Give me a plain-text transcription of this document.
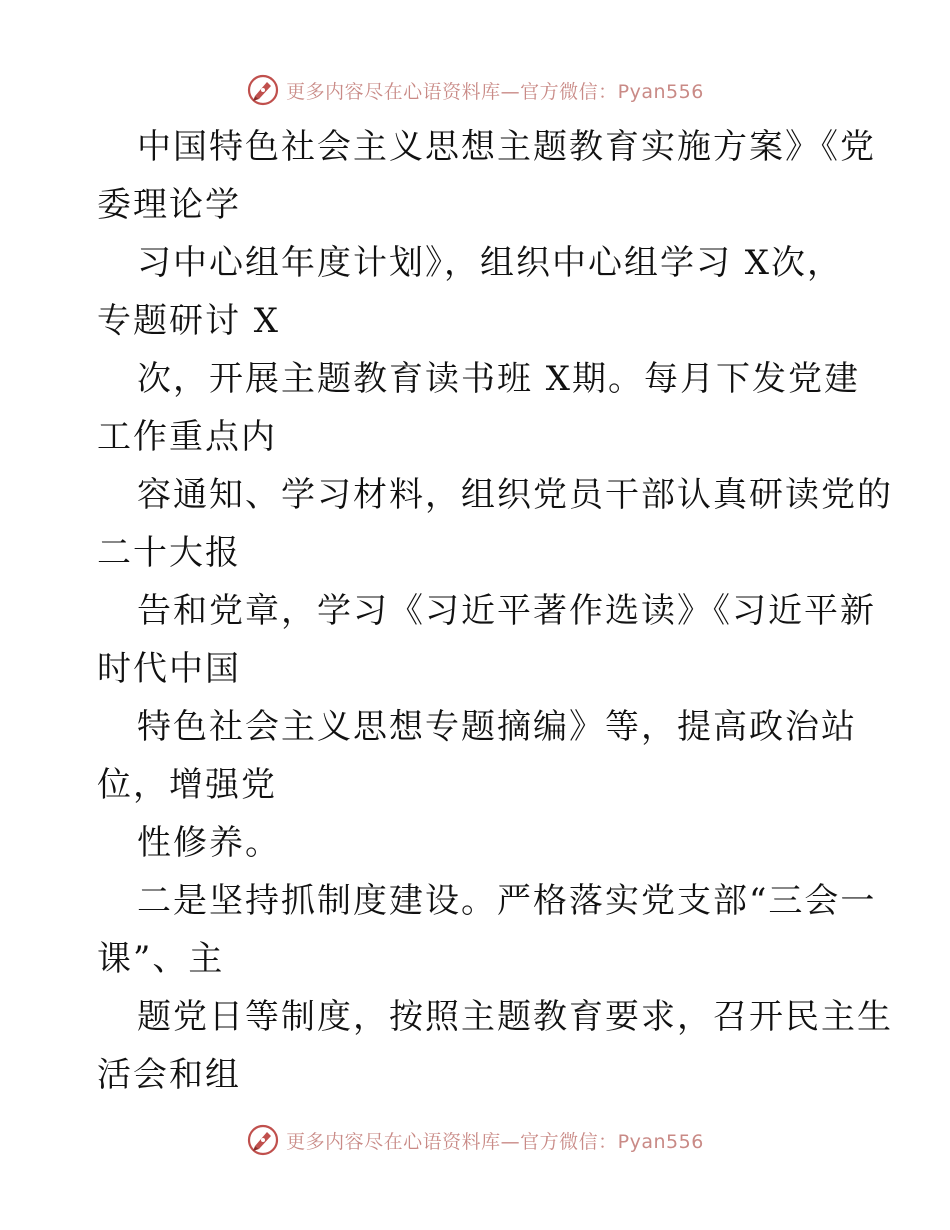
更多内容尽在心语资料库—官方微信：Pyan556
中国特色社会主义思想主题教育实施方案》《党
委理论学
习中心组年度计划》，组织中心组学习 X次，
专题研讨 X
次，开展主题教育读书班 X期。每月下发党建
工作重点内
容通知、学习材料，组织党员干部认真研读党的
二十大报
告和党章，学习《习近平著作选读》《习近平新
时代中国
特色社会主义思想专题摘编》等，提高政治站
位，增强党
性修养。
二是坚持抓制度建设。严格落实党支部“三会一
课”、主
题党日等制度，按照主题教育要求，召开民主生
活会和组
更多内容尽在心语资料库—官方微信：Pyan556
